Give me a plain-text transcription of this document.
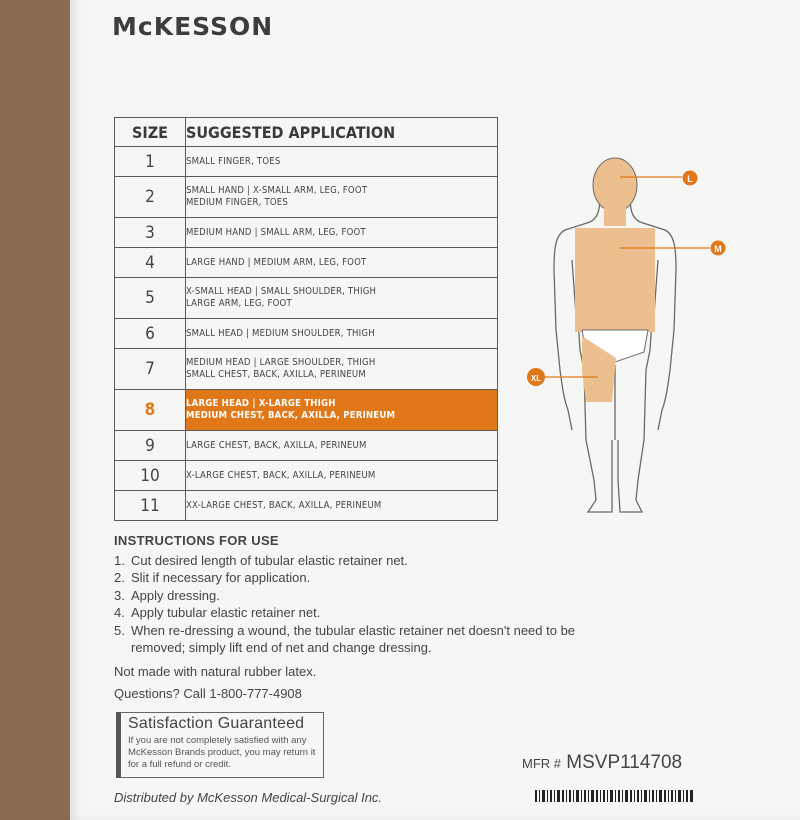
McKESSON
SIZE	SUGGESTED APPLICATION
1	SMALL FINGER, TOES

2	SMALL HAND | X-SMALL ARM, LEG, FOOT
MEDIUM FINGER, TOES

3	MEDIUM HAND | SMALL ARM, LEG, FOOT

4	LARGE HAND | MEDIUM ARM, LEG, FOOT

5	X-SMALL HEAD | SMALL SHOULDER, THIGH
LARGE ARM, LEG, FOOT

6	SMALL HEAD | MEDIUM SHOULDER, THIGH

7	MEDIUM HEAD | LARGE SHOULDER, THIGH
SMALL CHEST, BACK, AXILLA, PERINEUM

8	LARGE HEAD | X-LARGE THIGH
MEDIUM CHEST, BACK, AXILLA, PERINEUM

9	LARGE CHEST, BACK, AXILLA, PERINEUM

10	X-LARGE CHEST, BACK, AXILLA, PERINEUM

11	XX-LARGE CHEST, BACK, AXILLA, PERINEUM
L
M
XL
INSTRUCTIONS FOR USE
1. Cut desired length of tubular elastic retainer net.
2. Slit if necessary for application.
3. Apply dressing.
4. Apply tubular elastic retainer net.
5. When re-dressing a wound, the tubular elastic retainer net doesn't need to be removed; simply lift end of net and change dressing.
Not made with natural rubber latex.
Questions? Call 1-800-777-4908
Satisfaction Guaranteed
If you are not completely satisfied with any McKesson Brands product, you may return it for a full refund or credit.	MFR # MSVP114708
Distributed by McKesson Medical-Surgical Inc.
